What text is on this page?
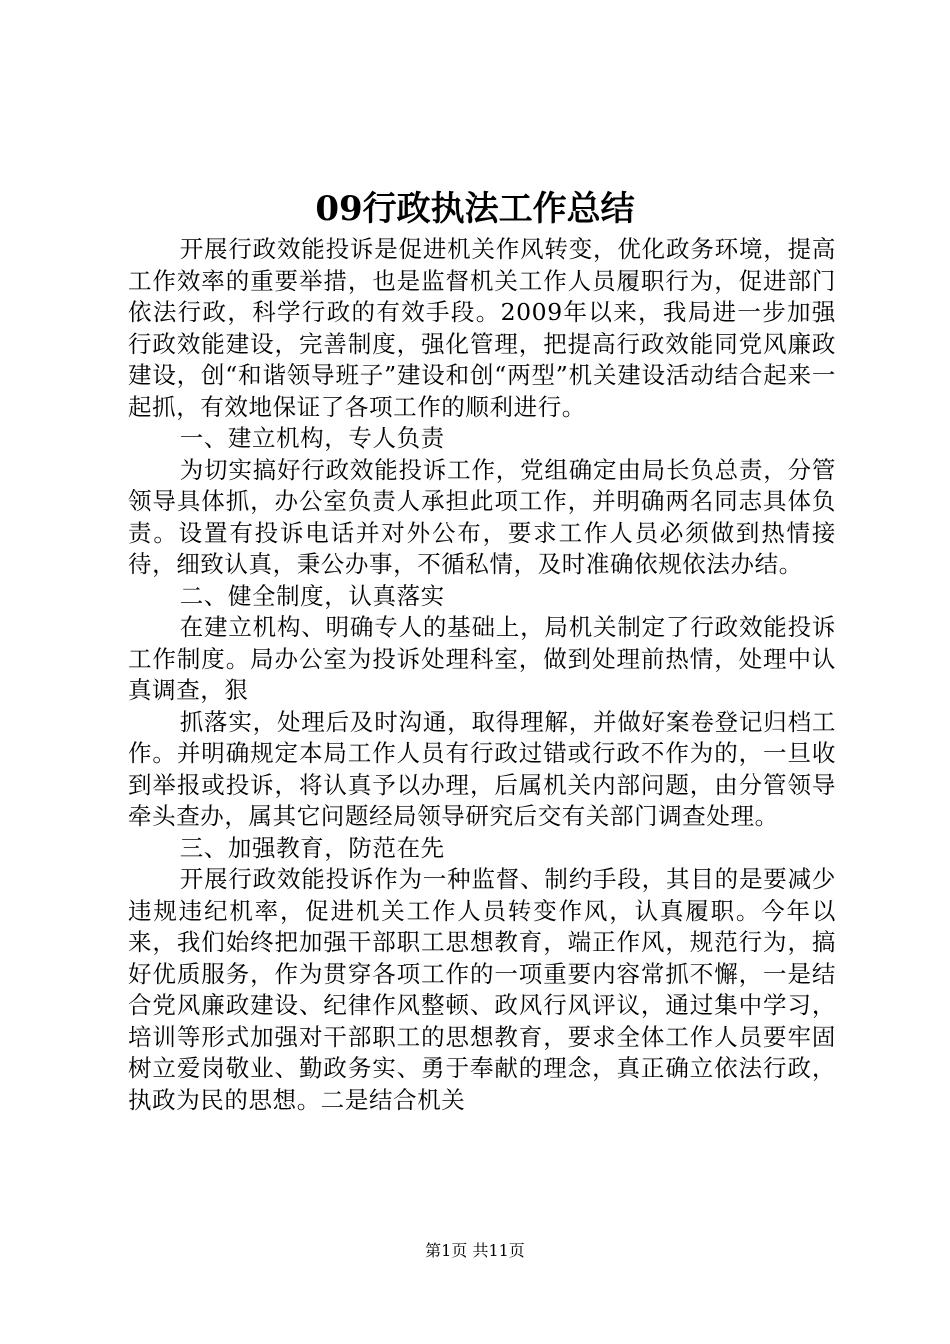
09行政执法工作总结

开展行政效能投诉是促进机关作风转变，优化政务环境，提高工作效率的重要举措，也是监督机关工作人员履职行为，促进部门依法行政，科学行政的有效手段。2009年以来，我局进一步加强行政效能建设，完善制度，强化管理，把提高行政效能同党风廉政建设，创“和谐领导班子”建设和创“两型”机关建设活动结合起来一起抓，有效地保证了各项工作的顺利进行。

一、建立机构，专人负责

为切实搞好行政效能投诉工作，党组确定由局长负总责，分管领导具体抓，办公室负责人承担此项工作，并明确两名同志具体负责。设置有投诉电话并对外公布，要求工作人员必须做到热情接待，细致认真，秉公办事，不循私情，及时准确依规依法办结。

二、健全制度，认真落实

在建立机构、明确专人的基础上，局机关制定了行政效能投诉工作制度。局办公室为投诉处理科室，做到处理前热情，处理中认真调查，狠

抓落实，处理后及时沟通，取得理解，并做好案卷登记归档工作。并明确规定本局工作人员有行政过错或行政不作为的，一旦收到举报或投诉，将认真予以办理，后属机关内部问题，由分管领导牵头查办，属其它问题经局领导研究后交有关部门调查处理。

三、加强教育，防范在先

开展行政效能投诉作为一种监督、制约手段，其目的是要减少违规违纪机率，促进机关工作人员转变作风，认真履职。今年以来，我们始终把加强干部职工思想教育，端正作风，规范行为，搞好优质服务，作为贯穿各项工作的一项重要内容常抓不懈，一是结合党风廉政建设、纪律作风整顿、政风行风评议，通过集中学习，培训等形式加强对干部职工的思想教育，要求全体工作人员要牢固树立爱岗敬业、勤政务实、勇于奉献的理念，真正确立依法行政，执政为民的思想。二是结合机关

第1页 共11页
